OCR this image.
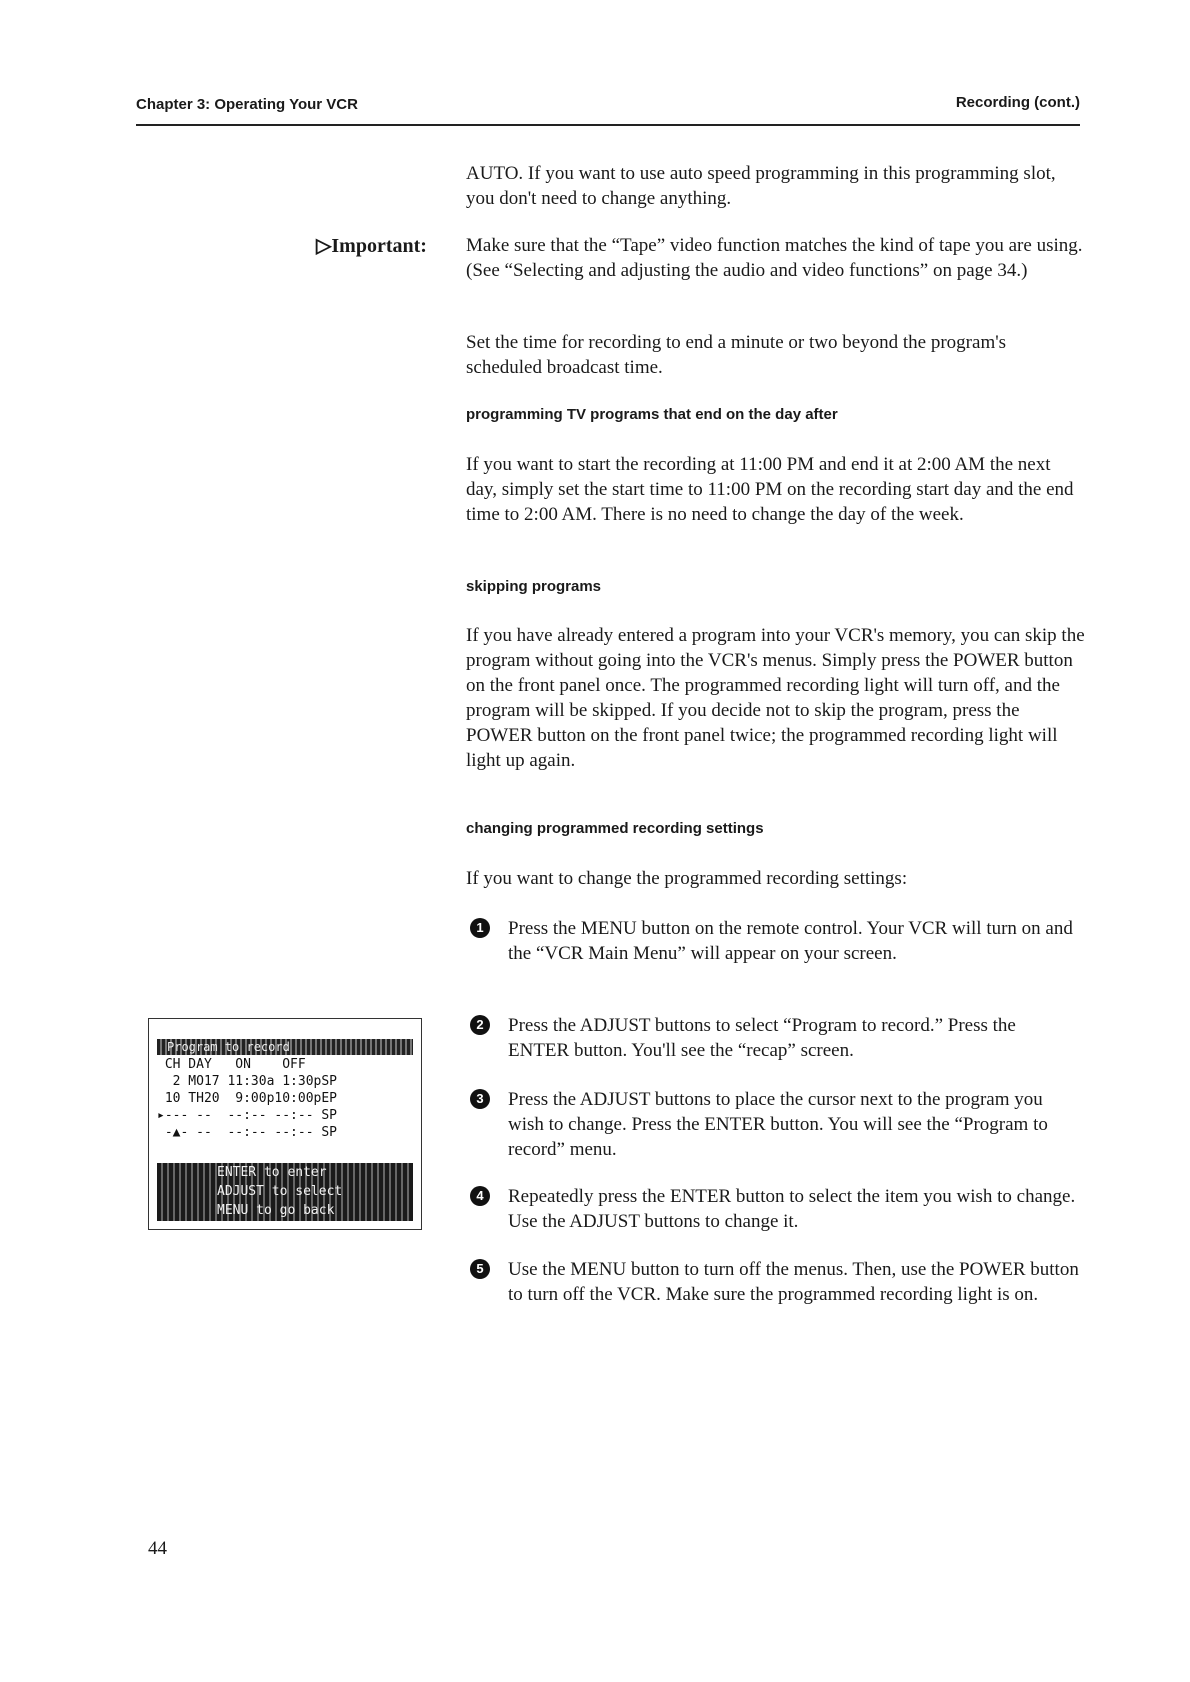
Chapter 3: Operating Your VCR	Recording (cont.)

AUTO. If you want to use auto speed programming in this programming slot, you don't need to change anything.

▷Important: Make sure that the “Tape” video function matches the kind of tape you are using. (See “Selecting and adjusting the audio and video functions” on page 34.)

Set the time for recording to end a minute or two beyond the program's scheduled broadcast time.

programming TV programs that end on the day after

If you want to start the recording at 11:00 PM and end it at 2:00 AM the next day, simply set the start time to 11:00 PM on the recording start day and the end time to 2:00 AM. There is no need to change the day of the week.

skipping programs

If you have already entered a program into your VCR's memory, you can skip the program without going into the VCR's menus. Simply press the POWER button on the front panel once. The programmed recording light will turn off, and the program will be skipped. If you decide not to skip the program, press the POWER button on the front panel twice; the programmed recording light will light up again.

changing programmed recording settings

If you want to change the programmed recording settings:

1	Press the MENU button on the remote control. Your VCR will turn on and the “VCR Main Menu” will appear on your screen.
2	Press the ADJUST buttons to select “Program to record.” Press the ENTER button. You'll see the “recap” screen.
3	Press the ADJUST buttons to place the cursor next to the program you wish to change. Press the ENTER button. You will see the “Program to record” menu.
4	Repeatedly press the ENTER button to select the item you wish to change. Use the ADJUST buttons to change it.
5	Use the MENU button to turn off the menus. Then, use the POWER button to turn off the VCR. Make sure the programmed recording light is on.
Program to record
CH DAY   ON    OFF
2 MO17 11:30a 1:30pSP
10 TH20  9:00p10:00pEP
▸--- --  --:-- --:-- SP
-▲- --  --:-- --:-- SP
ENTER to enter
ADJUST to select
MENU to go back
44
